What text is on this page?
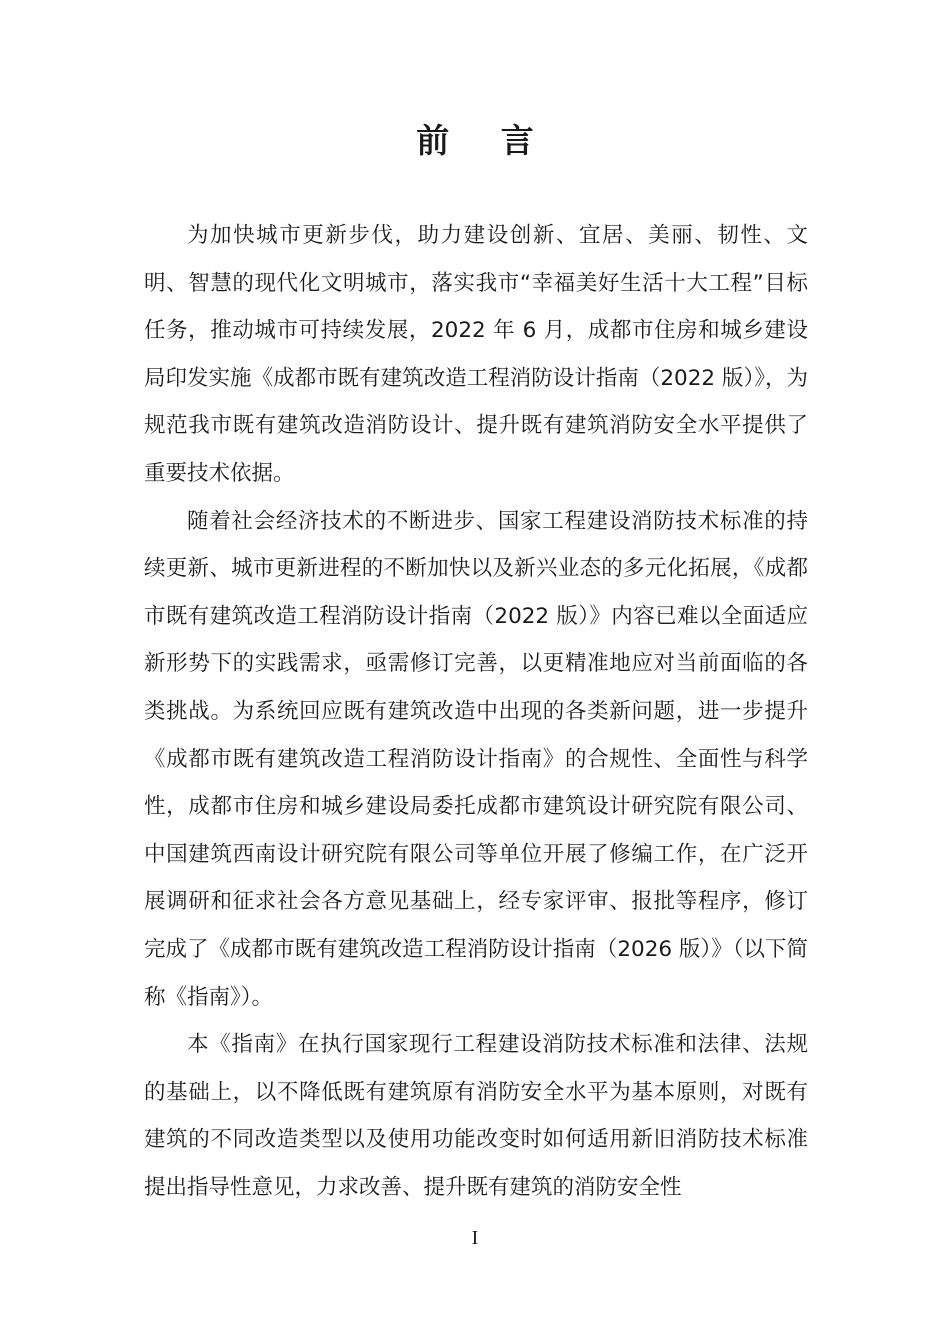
前 言

为加快城市更新步伐，助力建设创新、宜居、美丽、韧性、文明、智慧的现代化文明城市，落实我市“幸福美好生活十大工程”目标任务，推动城市可持续发展，2022 年 6 月，成都市住房和城乡建设局印发实施《成都市既有建筑改造工程消防设计指南（2022 版）》，为规范我市既有建筑改造消防设计、提升既有建筑消防安全水平提供了重要技术依据。

随着社会经济技术的不断进步、国家工程建设消防技术标准的持续更新、城市更新进程的不断加快以及新兴业态的多元化拓展，《成都市既有建筑改造工程消防设计指南（2022 版）》内容已难以全面适应新形势下的实践需求，亟需修订完善，以更精准地应对当前面临的各类挑战。为系统回应既有建筑改造中出现的各类新问题，进一步提升《成都市既有建筑改造工程消防设计指南》的合规性、全面性与科学性，成都市住房和城乡建设局委托成都市建筑设计研究院有限公司、中国建筑西南设计研究院有限公司等单位开展了修编工作，在广泛开展调研和征求社会各方意见基础上，经专家评审、报批等程序，修订完成了《成都市既有建筑改造工程消防设计指南（2026 版）》（以下简称《指南》）。

本《指南》在执行国家现行工程建设消防技术标准和法律、法规的基础上，以不降低既有建筑原有消防安全水平为基本原则，对既有建筑的不同改造类型以及使用功能改变时如何适用新旧消防技术标准提出指导性意见，力求改善、提升既有建筑的消防安全性

I
